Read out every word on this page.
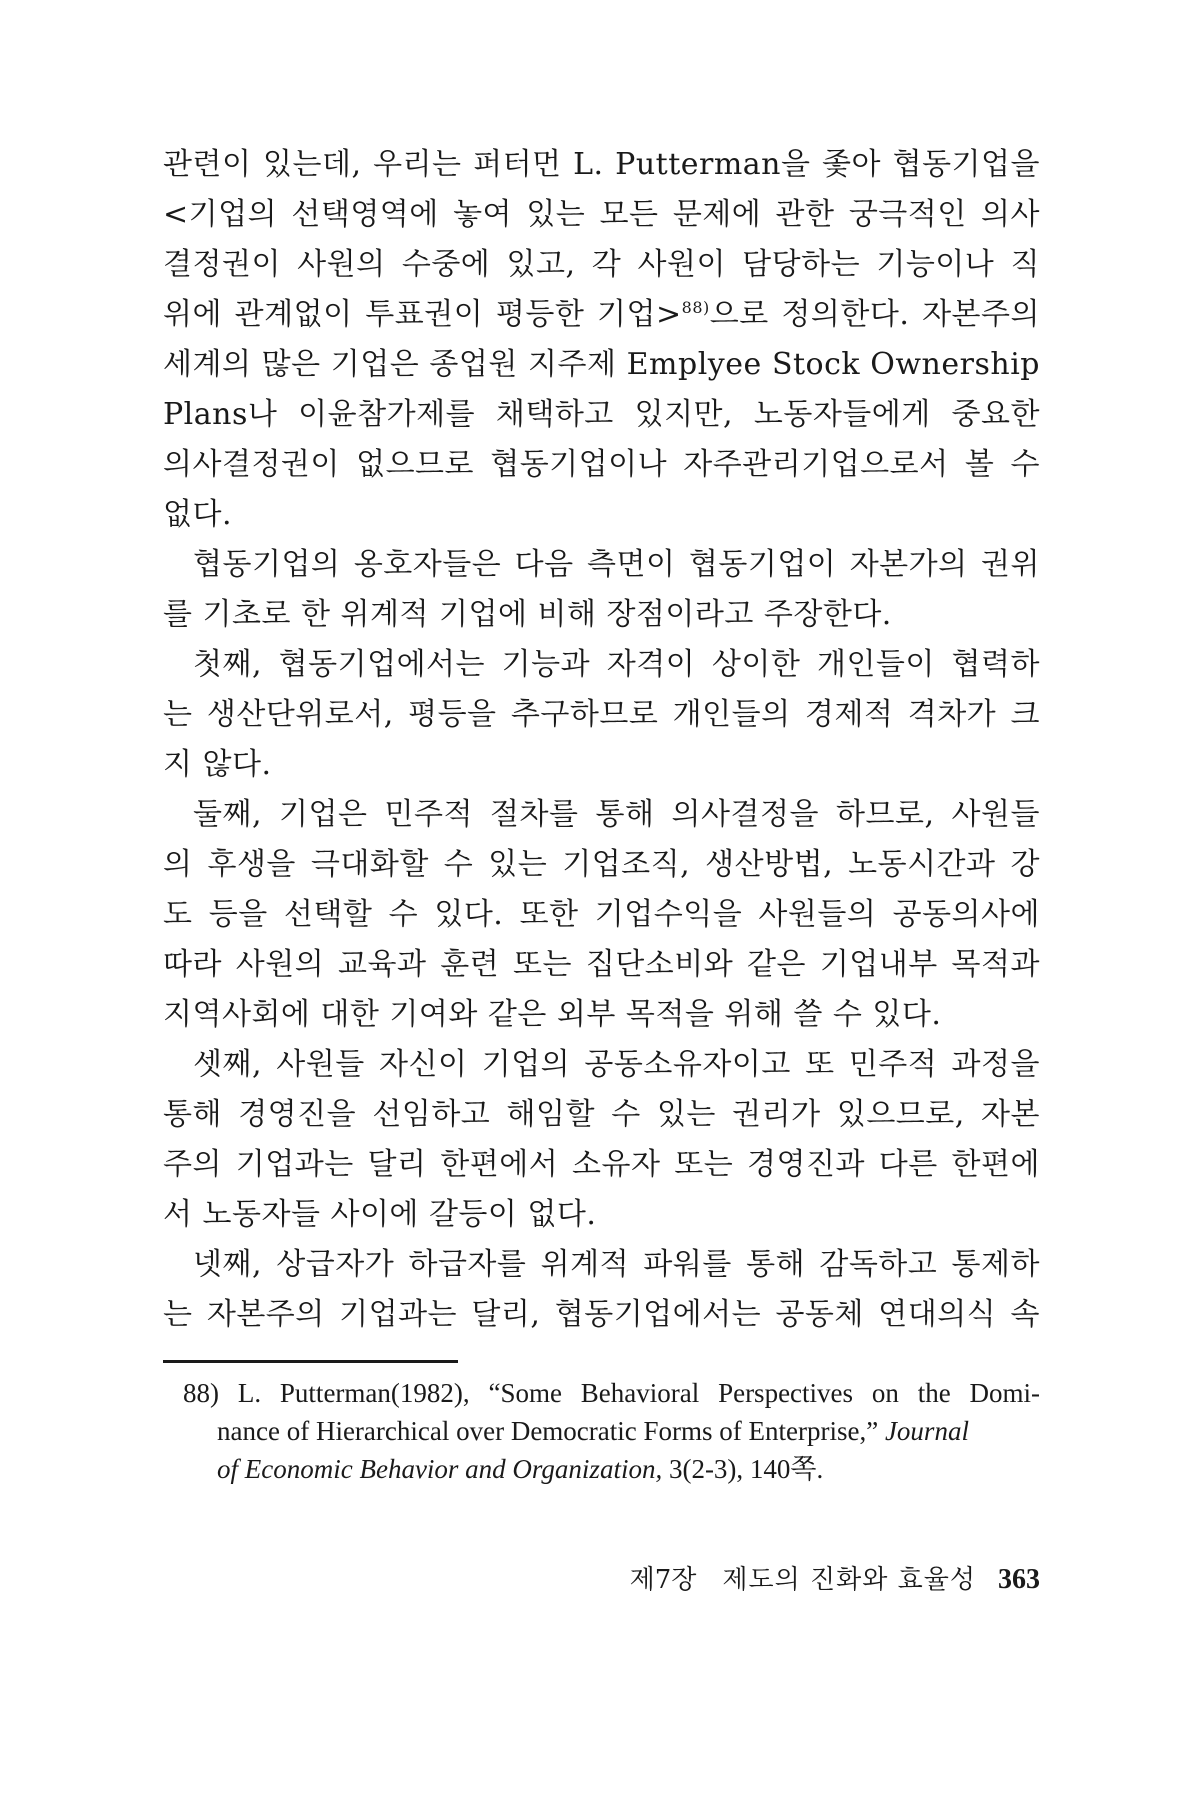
관련이 있는데, 우리는 퍼터먼 L. Putterman을 좇아 협동기업을
<기업의 선택영역에 놓여 있는 모든 문제에 관한 궁극적인 의사
결정권이 사원의 수중에 있고, 각 사원이 담당하는 기능이나 직
위에 관계없이 투표권이 평등한 기업>$^{88)}$으로 정의한다. 자본주의
세계의 많은 기업은 종업원 지주제 Emplyee Stock Ownership
Plans나 이윤참가제를 채택하고 있지만, 노동자들에게 중요한
의사결정권이 없으므로 협동기업이나 자주관리기업으로서 볼 수
없다.
협동기업의 옹호자들은 다음 측면이 협동기업이 자본가의 권위
를 기초로 한 위계적 기업에 비해 장점이라고 주장한다.
첫째, 협동기업에서는 기능과 자격이 상이한 개인들이 협력하
는 생산단위로서, 평등을 추구하므로 개인들의 경제적 격차가 크
지 않다.
둘째, 기업은 민주적 절차를 통해 의사결정을 하므로, 사원들
의 후생을 극대화할 수 있는 기업조직, 생산방법, 노동시간과 강
도 등을 선택할 수 있다. 또한 기업수익을 사원들의 공동의사에
따라 사원의 교육과 훈련 또는 집단소비와 같은 기업내부 목적과
지역사회에 대한 기여와 같은 외부 목적을 위해 쓸 수 있다.
셋째, 사원들 자신이 기업의 공동소유자이고 또 민주적 과정을
통해 경영진을 선임하고 해임할 수 있는 권리가 있으므로, 자본
주의 기업과는 달리 한편에서 소유자 또는 경영진과 다른 한편에
서 노동자들 사이에 갈등이 없다.
넷째, 상급자가 하급자를 위계적 파워를 통해 감독하고 통제하
는 자본주의 기업과는 달리, 협동기업에서는 공동체 연대의식 속
88) L. Putterman(1982), “Some Behavioral Perspectives on the Domi-
nance of Hierarchical over Democratic Forms of Enterprise,” Journal
of Economic Behavior and Organization, 3(2-3), 140쪽.
제7장 제도의 진화와 효율성 363
